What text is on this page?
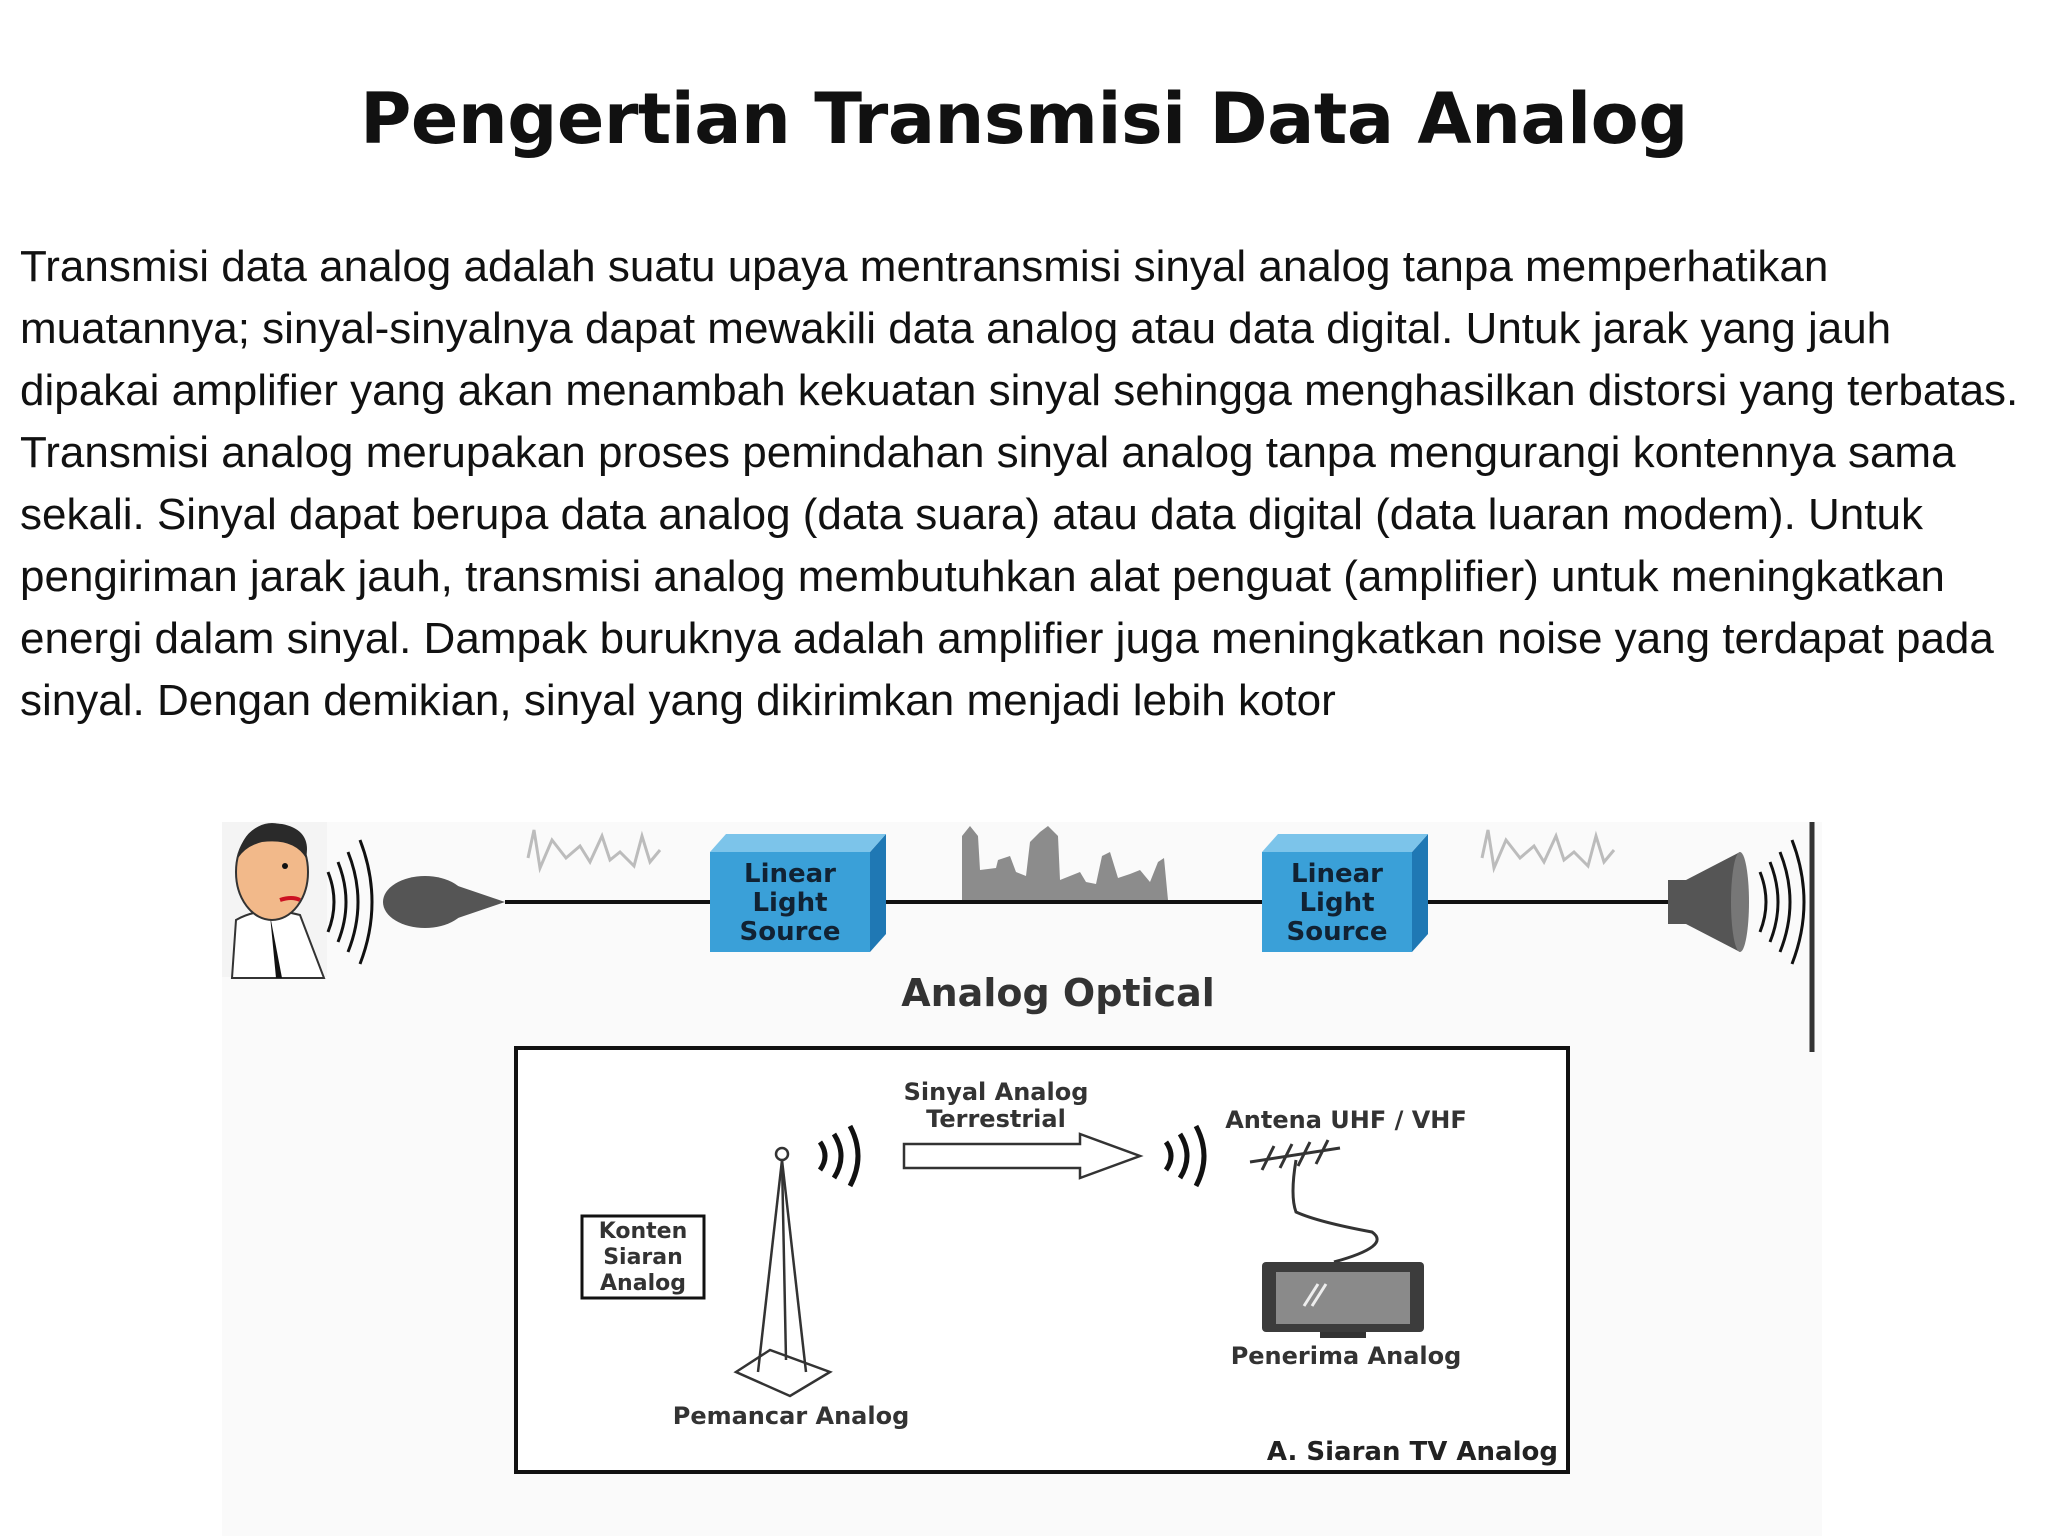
Pengertian Transmisi Data Analog

Transmisi data analog adalah suatu upaya mentransmisi sinyal analog tanpa memperhatikan muatannya; sinyal-sinyalnya dapat mewakili data analog atau data digital. Untuk jarak yang jauh dipakai amplifier yang akan menambah kekuatan sinyal sehingga menghasilkan distorsi yang terbatas.

Transmisi analog merupakan proses pemindahan sinyal analog tanpa mengurangi kontennya sama sekali. Sinyal dapat berupa data analog (data suara) atau data digital (data luaran modem). Untuk pengiriman jarak jauh, transmisi analog membutuhkan alat penguat (amplifier) untuk meningkatkan energi dalam sinyal. Dampak buruknya adalah amplifier juga meningkatkan noise yang terdapat pada sinyal. Dengan demikian, sinyal yang dikirimkan menjadi lebih kotor

Linear
Light
Source
Linear
Light
Source
Analog Optical
Konten
Siaran
Analog
Pemancar Analog
Sinyal Analog
Terrestrial	Antena UHF / VHF
Penerima Analog
A. Siaran TV Analog
